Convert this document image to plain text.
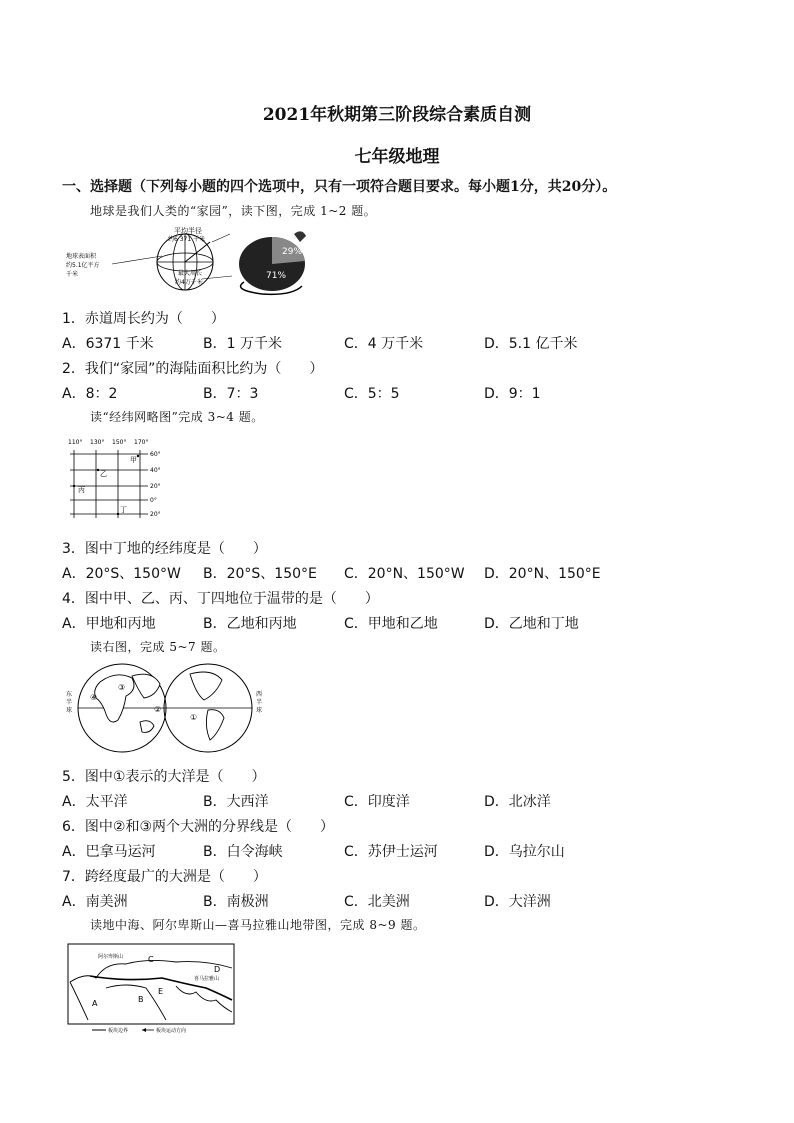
2021年秋期第三阶段综合素质自测
七年级地理
一、选择题（下列每小题的四个选项中，只有一项符合题目要求。每小题1分，共20分）。
地球是我们人类的“家园”，读下图，完成 1~2 题。
平均半径
约6 371 千米
地球表面积
约5.1亿平方
千米	最大周长
约4万千米
29%
71%
1．赤道周长约为（　　）
A．6371 千米	B．1 万千米	C．4 万千米	D．5.1 亿千米
2．我们“家园”的海陆面积比约为（　　）
A．8：2	B．7：3	C．5：5	D．9：1
读“经纬网略图”完成 3~4 题。
110° 130° 150° 170°
60°
40°
20°
0°
20°
甲
乙
丙
丁
3．图中丁地的经纬度是（　　）
A．20°S、150°W B．20°S、150°E C．20°N、150°W D．20°N、150°E
4．图中甲、乙、丙、丁四地位于温带的是（　　）
A．甲地和丙地	B．乙地和丙地	C．甲地和乙地	D．乙地和丁地
读右图，完成 5~7 题。
③
④
②
①
东
半
球
西
半
球
5．图中①表示的大洋是（　　）
A．太平洋	B．大西洋	C．印度洋	D．北冰洋
6．图中②和③两个大洲的分界线是（　　）
A．巴拿马运河	B．白令海峡	C．苏伊士运河	D．乌拉尔山
7．跨经度最广的大洲是（　　）
A．南美洲	B．南极洲	C．北美洲	D．大洋洲
读地中海、阿尔卑斯山—喜马拉雅山地带图，完成 8~9 题。
阿尔卑斯山
喜马拉雅山
C
A	B
D
E
板块边界	板块运动方向
